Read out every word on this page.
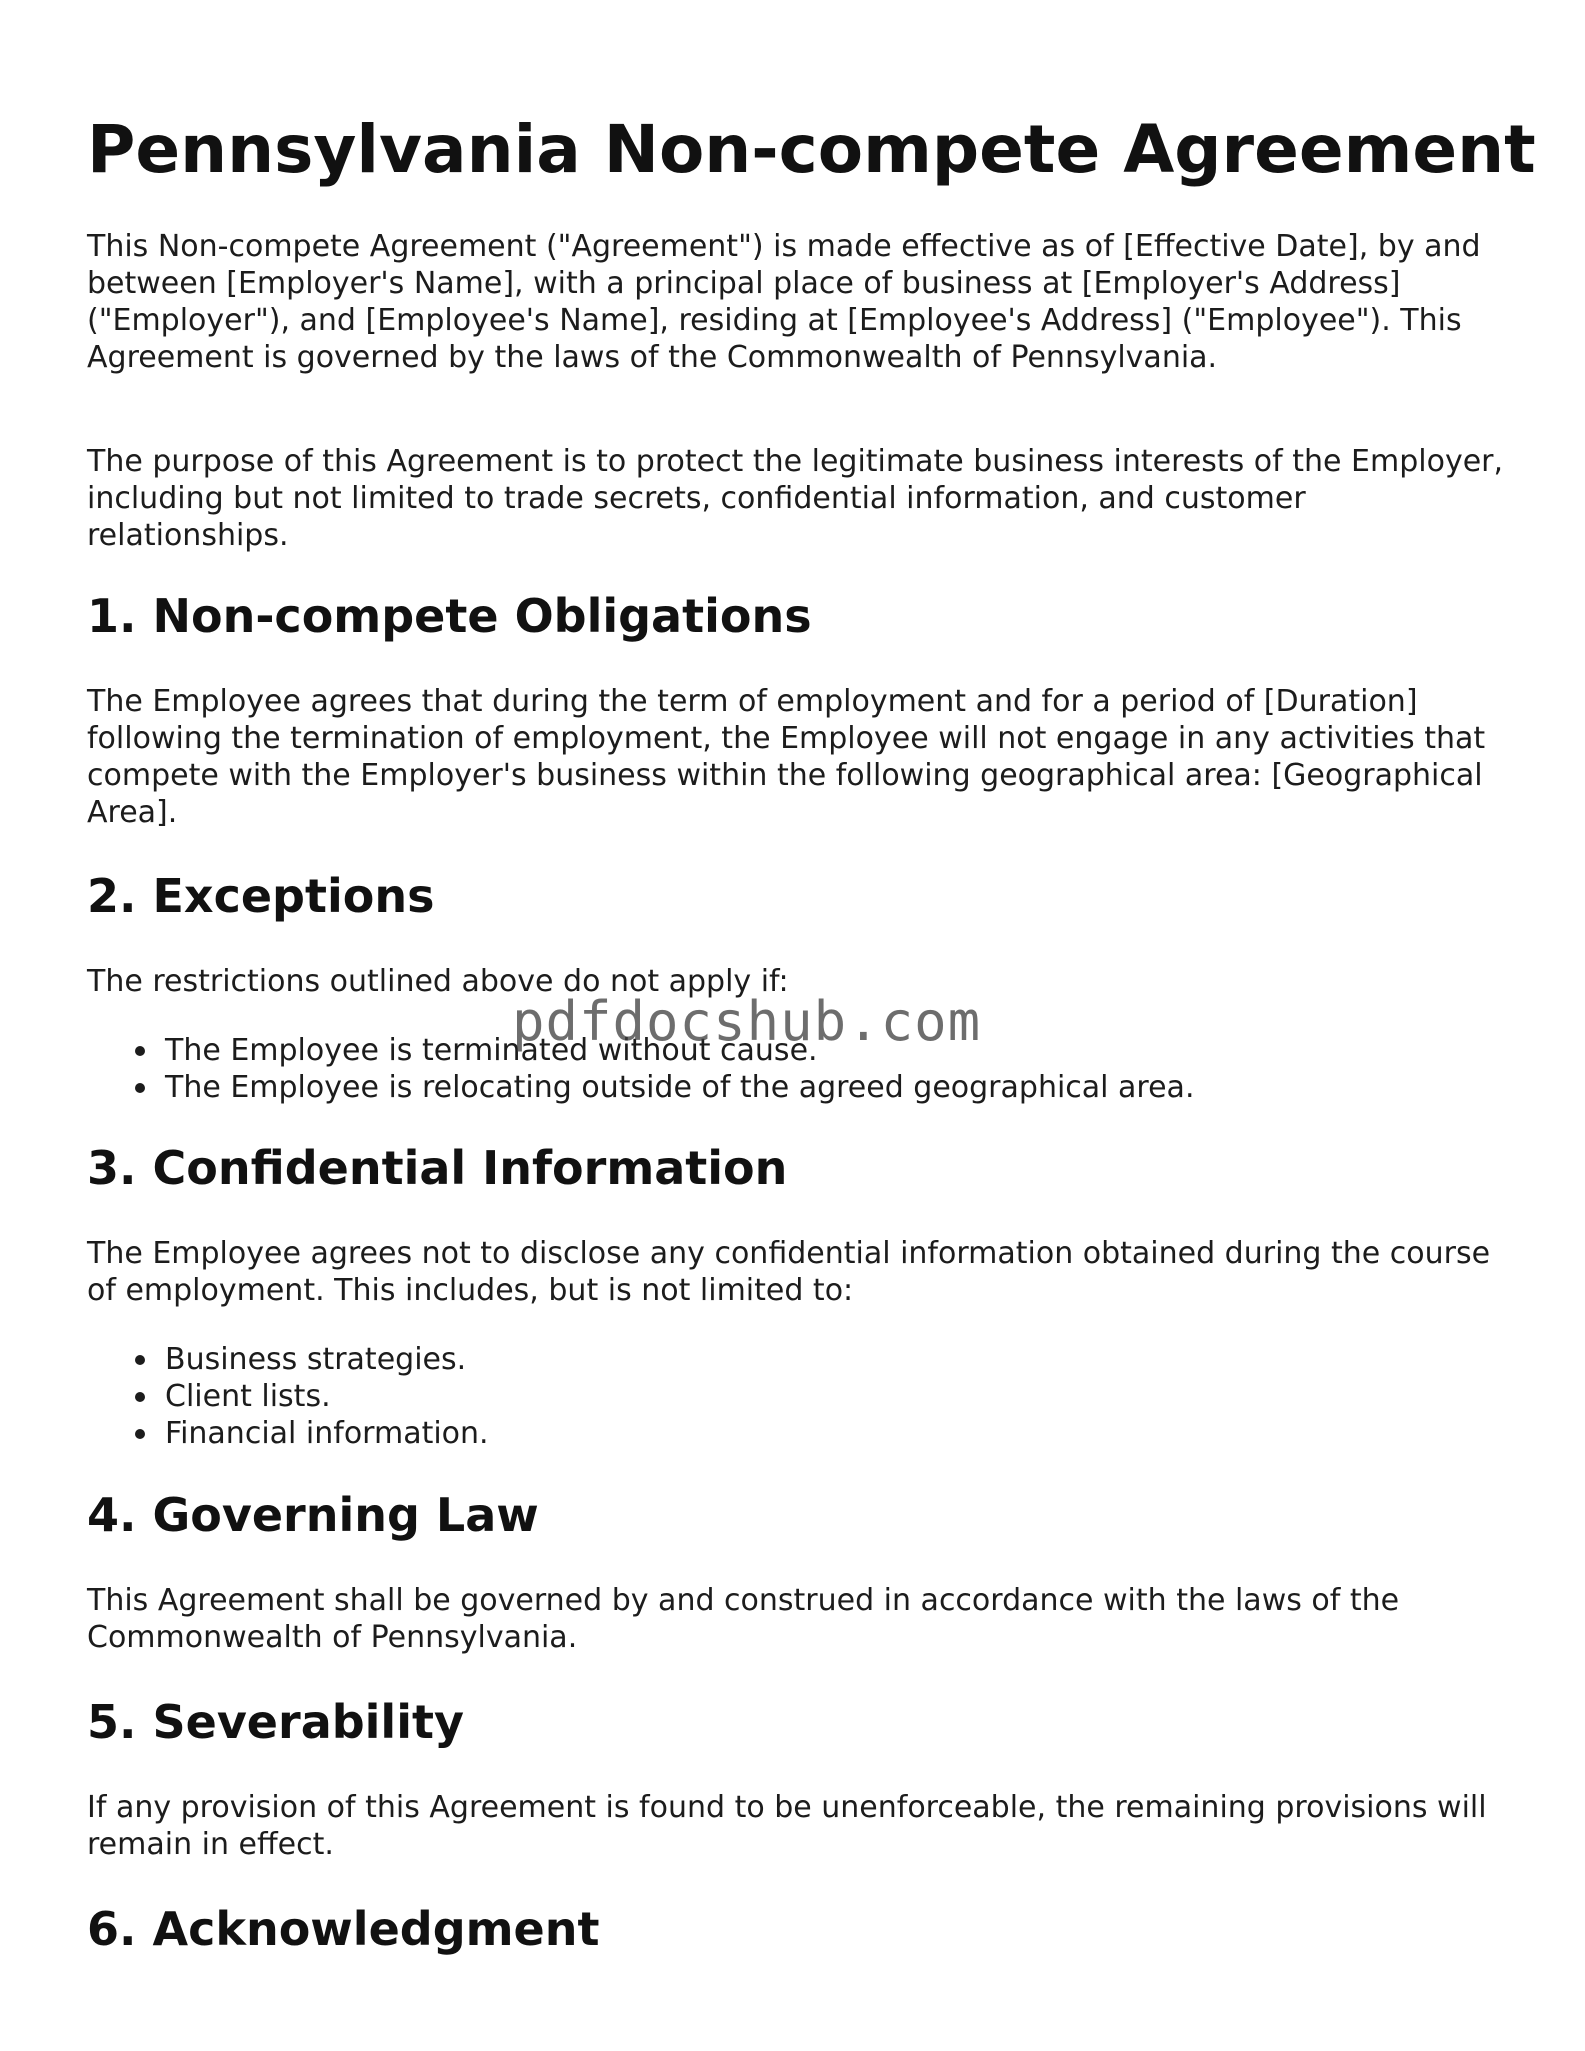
Pennsylvania Non-compete Agreement

This Non-compete Agreement ("Agreement") is made effective as of [Effective Date], by and between [Employer's Name], with a principal place of business at [Employer's Address] ("Employer"), and [Employee's Name], residing at [Employee's Address] ("Employee"). This Agreement is governed by the laws of the Commonwealth of Pennsylvania.

The purpose of this Agreement is to protect the legitimate business interests of the Employer, including but not limited to trade secrets, confidential information, and customer relationships.

1. Non-compete Obligations

The Employee agrees that during the term of employment and for a period of [Duration] following the termination of employment, the Employee will not engage in any activities that compete with the Employer's business within the following geographical area: [Geographical Area].

2. Exceptions

The restrictions outlined above do not apply if:

The Employee is terminated without cause.
The Employee is relocating outside of the agreed geographical area.
3. Confidential Information

The Employee agrees not to disclose any confidential information obtained during the course of employment. This includes, but is not limited to:

Business strategies.
Client lists.
Financial information.
4. Governing Law

This Agreement shall be governed by and construed in accordance with the laws of the Commonwealth of Pennsylvania.

5. Severability

If any provision of this Agreement is found to be unenforceable, the remaining provisions will remain in effect.

6. Acknowledgment
pdfdocshub.com
